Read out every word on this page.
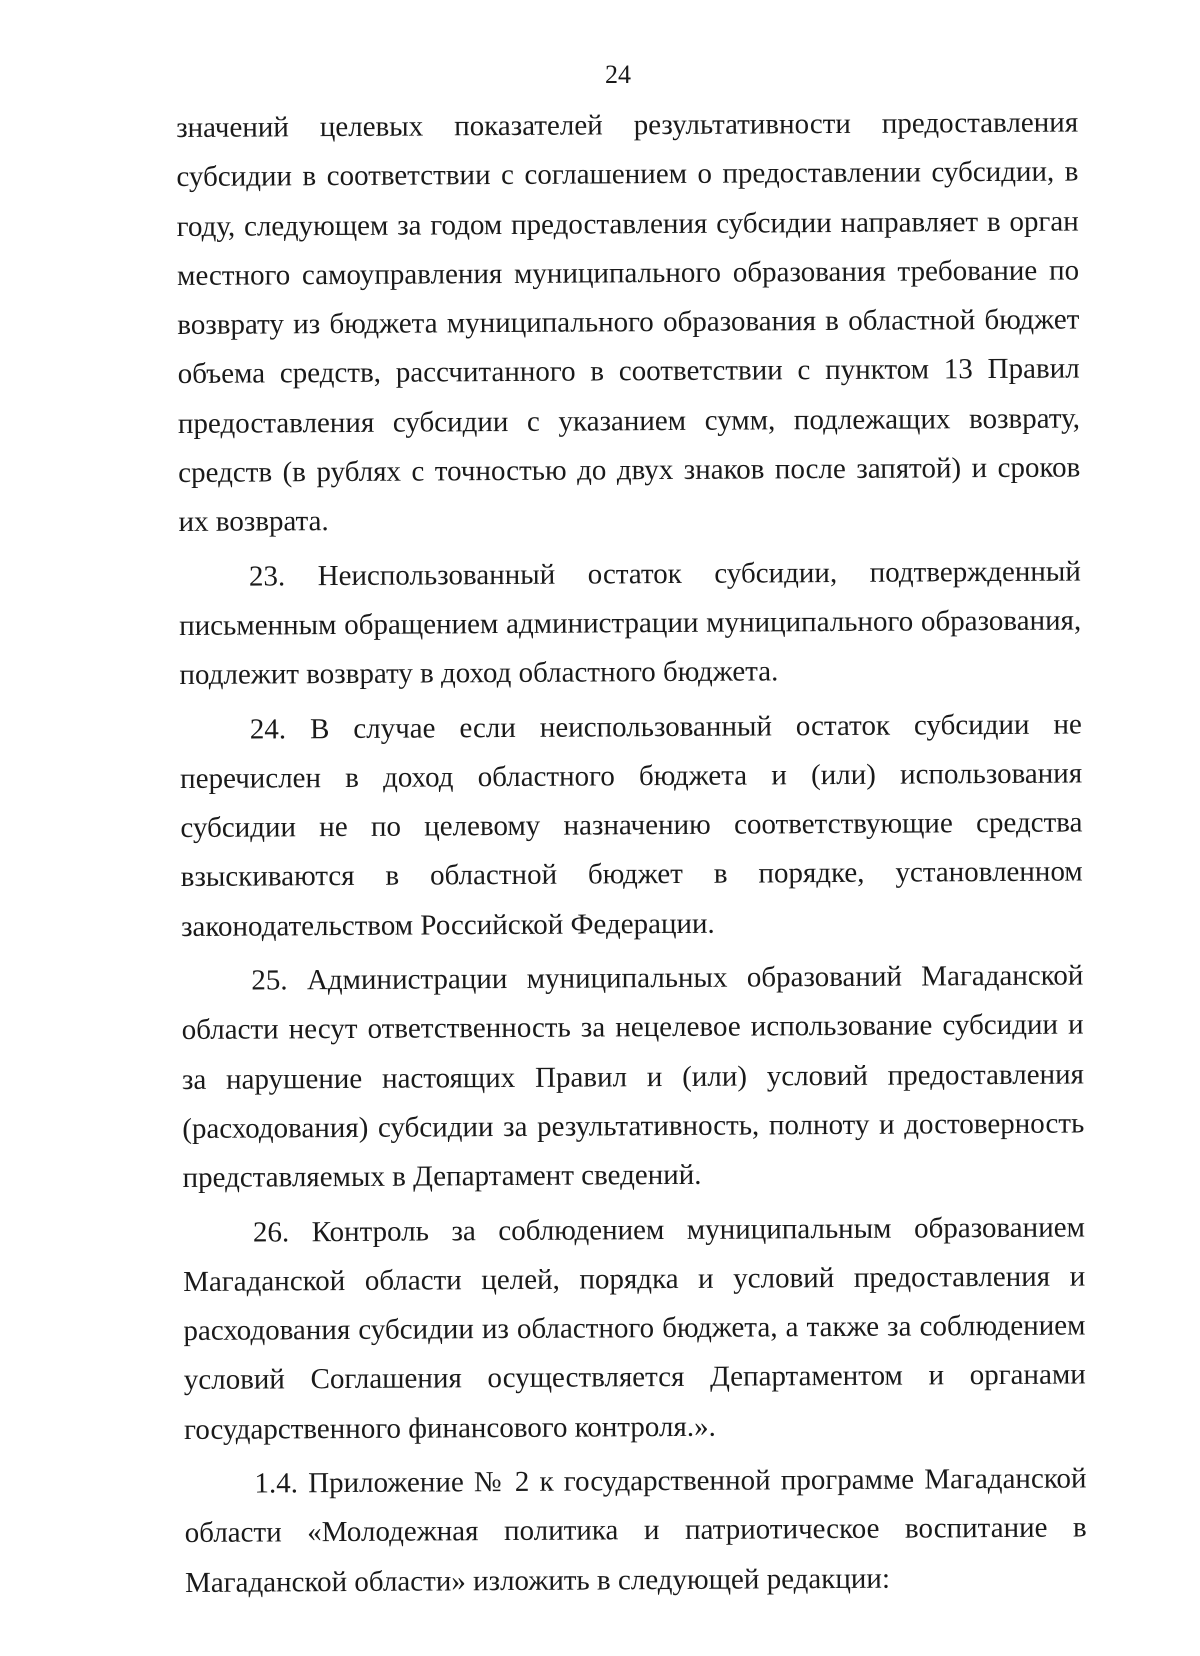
24

значений целевых показателей результативности предоставления субсидии в соответствии с соглашением о предоставлении субсидии, в году, следующем за годом предоставления субсидии направляет в орган местного самоуправления муниципального образования требование по возврату из бюджета муниципального образования в областной бюджет объема средств, рассчитанного в соответствии с пунктом 13 Правил предоставления субсидии с указанием сумм, подлежащих возврату, средств (в рублях с точностью до двух знаков после запятой) и сроков их возврата.

23. Неиспользованный остаток субсидии, подтвержденный письменным обращением администрации муниципального образования, подлежит возврату в доход областного бюджета.

24. В случае если неиспользованный остаток субсидии не перечислен в доход областного бюджета и (или) использования субсидии не по целевому назначению соответствующие средства взыскиваются в областной бюджет в порядке, установленном законодательством Российской Федерации.

25. Администрации муниципальных образований Магаданской области несут ответственность за нецелевое использование субсидии и за нарушение настоящих Правил и (или) условий предоставления (расходования) субсидии за результативность, полноту и достоверность представляемых в Департамент сведений.

26. Контроль за соблюдением муниципальным образованием Магаданской области целей, порядка и условий предоставления и расходования субсидии из областного бюджета, а также за соблюдением условий Соглашения осуществляется Департаментом и органами государственного финансового контроля.».

1.4. Приложение № 2 к государственной программе Магаданской области «Молодежная политика и патриотическое воспитание в Магаданской области» изложить в следующей редакции:
